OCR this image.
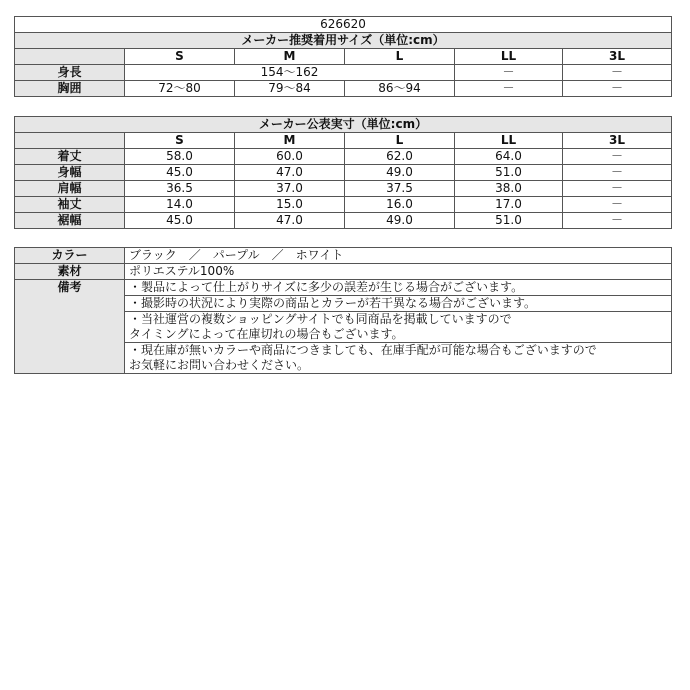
626620					
メーカー推奨着用サイズ（単位:cm）					
	S	M	L	LL	3L
身長	154～162			－	－
胸囲	72～80	79～84	86～94	－	－
メーカー公表実寸（単位:cm）					
	S	M	L	LL	3L
着丈	58.0	60.0	62.0	64.0	－
身幅	45.0	47.0	49.0	51.0	－
肩幅	36.5	37.0	37.5	38.0	－
袖丈	14.0	15.0	16.0	17.0	－
裾幅	45.0	47.0	49.0	51.0	－
カラー	ブラック　／　パープル　／　ホワイト
素材	ポリエステル100%
備考	・製品によって仕上がりサイズに多少の誤差が生じる場合がございます。

	・撮影時の状況により実際の商品とカラーが若干異なる場合がございます。

	・当社運営の複数ショッピングサイトでも同商品を掲載していますので
タイミングによって在庫切れの場合もございます。

	・現在庫が無いカラーや商品につきましても、在庫手配が可能な場合もございますので
お気軽にお問い合わせください。
